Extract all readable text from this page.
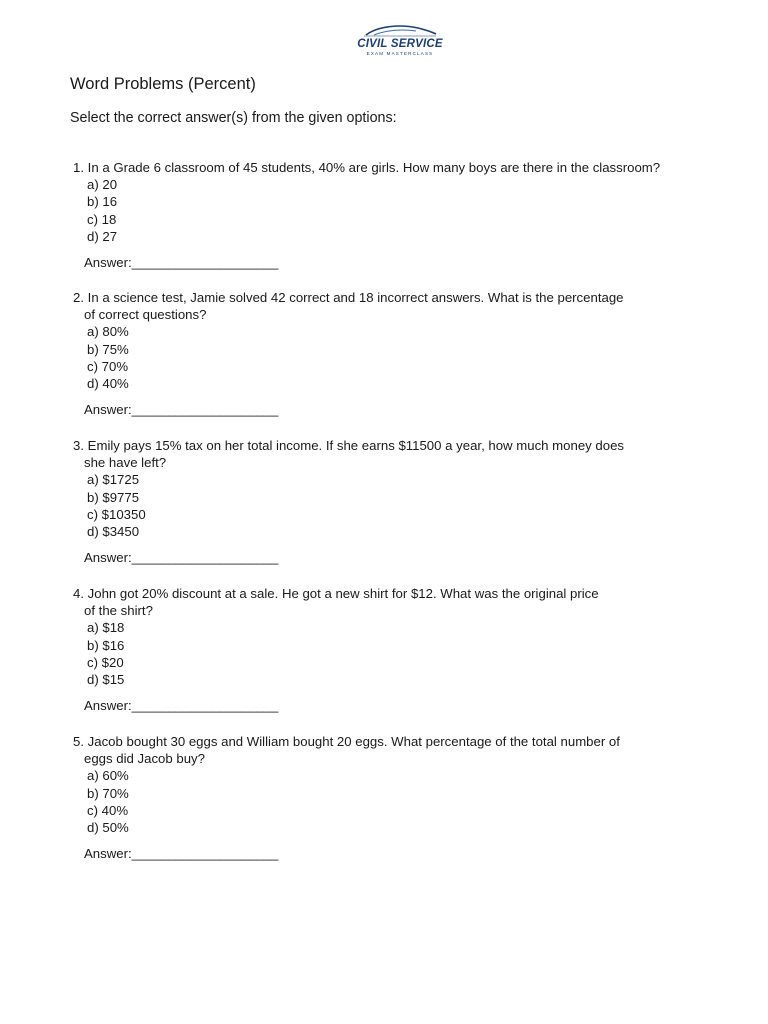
CIVIL SERVICE
EXAM MASTERCLASS
Word Problems (Percent)
Select the correct answer(s) from the given options:
1. In a Grade 6 classroom of 45 students, 40% are girls. How many boys are there in the classroom?
a) 20
b) 16
c) 18
d) 27
Answer:____________________
2. In a science test, Jamie solved 42 correct and 18 incorrect answers. What is the percentage
of correct questions?
a) 80%
b) 75%
c) 70%
d) 40%
Answer:____________________
3. Emily pays 15% tax on her total income. If she earns $11500 a year, how much money does
she have left?
a) $1725
b) $9775
c) $10350
d) $3450
Answer:____________________
4. John got 20% discount at a sale. He got a new shirt for $12. What was the original price
of the shirt?
a) $18
b) $16
c) $20
d) $15
Answer:____________________
5. Jacob bought 30 eggs and William bought 20 eggs. What percentage of the total number of
eggs did Jacob buy?
a) 60%
b) 70%
c) 40%
d) 50%
Answer:____________________
